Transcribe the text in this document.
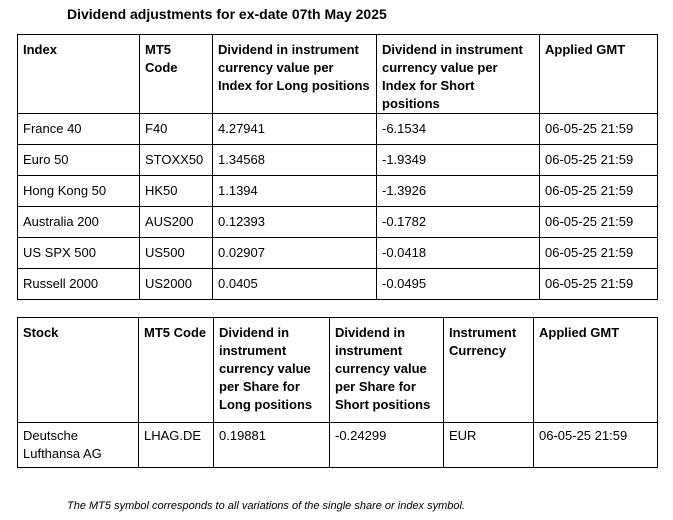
Dividend adjustments for ex-date 07th May 2025
Index	MT5 Code	Dividend in instrument currency value per Index for Long positions	Dividend in instrument currency value per Index for Short positions	Applied GMT
France 40	F40	4.27941	-6.1534	06-05-25 21:59
Euro 50	STOXX50	1.34568	-1.9349	06-05-25 21:59
Hong Kong 50	HK50	1.1394	-1.3926	06-05-25 21:59
Australia 200	AUS200	0.12393	-0.1782	06-05-25 21:59
US SPX 500	US500	0.02907	-0.0418	06-05-25 21:59
Russell 2000	US2000	0.0405	-0.0495	06-05-25 21:59
Stock	MT5 Code	Dividend in instrument currency value per Share for Long positions	Dividend in instrument currency value per Share for Short positions	Instrument Currency	Applied GMT
Deutsche Lufthansa AG	LHAG.DE	0.19881	-0.24299	EUR	06-05-25 21:59
The MT5 symbol corresponds to all variations of the single share or index symbol.
